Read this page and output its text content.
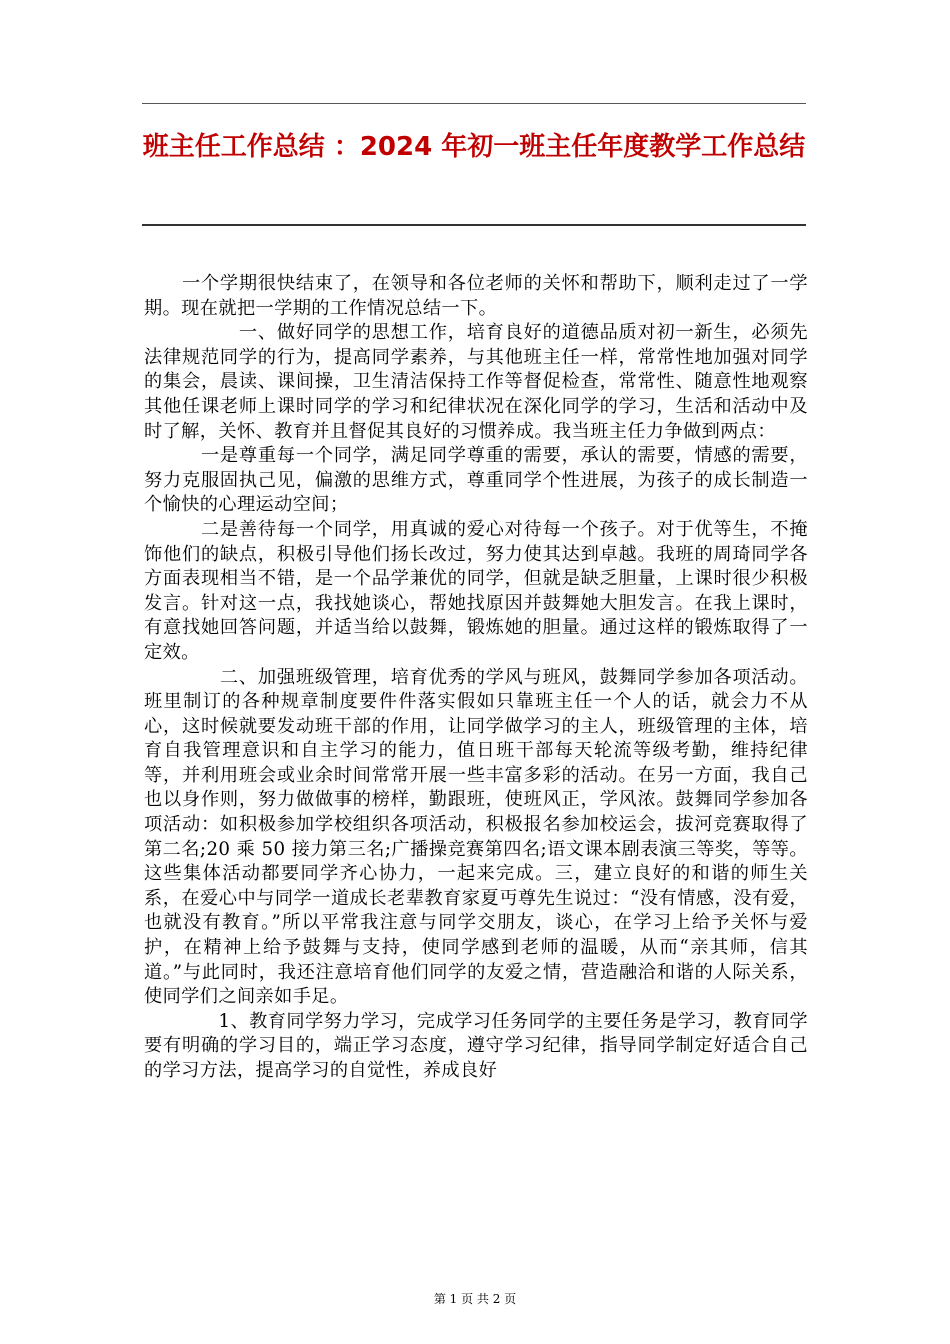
班主任工作总结 ：2024 年初一班主任年度教学工作总结

　　一个学期很快结束了，在领导和各位老师的关怀和帮助下，顺利走过了一学期。现在就把一学期的工作情况总结一下。

　　　　　一、做好同学的思想工作，培育良好的道德品质对初一新生，必须先法律规范同学的行为，提高同学素养，与其他班主任一样，常常性地加强对同学的集会，晨读、课间操，卫生清洁保持工作等督促检查，常常性、随意性地观察其他任课老师上课时同学的学习和纪律状况在深化同学的学习，生活和活动中及时了解，关怀、教育并且督促其良好的习惯养成。我当班主任力争做到两点：

　　　一是尊重每一个同学，满足同学尊重的需要，承认的需要，情感的需要，努力克服固执己见，偏激的思维方式，尊重同学个性进展，为孩子的成长制造一个愉快的心理运动空间；

　　　二是善待每一个同学，用真诚的爱心对待每一个孩子。对于优等生，不掩饰他们的缺点，积极引导他们扬长改过，努力使其达到卓越。我班的周琦同学各方面表现相当不错，是一个品学兼优的同学，但就是缺乏胆量，上课时很少积极发言。针对这一点，我找她谈心，帮她找原因并鼓舞她大胆发言。在我上课时，有意找她回答问题，并适当给以鼓舞，锻炼她的胆量。通过这样的锻炼取得了一定效。

　　　　二、加强班级管理，培育优秀的学风与班风，鼓舞同学参加各项活动。班里制订的各种规章制度要件件落实假如只靠班主任一个人的话，就会力不从心，这时候就要发动班干部的作用，让同学做学习的主人，班级管理的主体，培育自我管理意识和自主学习的能力，值日班干部每天轮流等级考勤，维持纪律等，并利用班会或业余时间常常开展一些丰富多彩的活动。在另一方面，我自己也以身作则，努力做做事的榜样，勤跟班，使班风正，学风浓。鼓舞同学参加各项活动：如积极参加学校组织各项活动，积极报名参加校运会，拔河竞赛取得了第二名;20 乘 50 接力第三名;广播操竞赛第四名;语文课本剧表演三等奖，等等。这些集体活动都要同学齐心协力，一起来完成。三，建立良好的和谐的师生关系，在爱心中与同学一道成长老辈教育家夏丏尊先生说过：“没有情感，没有爱，也就没有教育。”所以平常我注意与同学交朋友，谈心，在学习上给予关怀与爱护，在精神上给予鼓舞与支持，使同学感到老师的温暖，从而“亲其师，信其道。”与此同时，我还注意培育他们同学的友爱之情，营造融洽和谐的人际关系，使同学们之间亲如手足。

　　　　1、教育同学努力学习，完成学习任务同学的主要任务是学习，教育同学要有明确的学习目的，端正学习态度，遵守学习纪律，指导同学制定好适合自己的学习方法，提高学习的自觉性，养成良好

第 1 页 共 2 页
